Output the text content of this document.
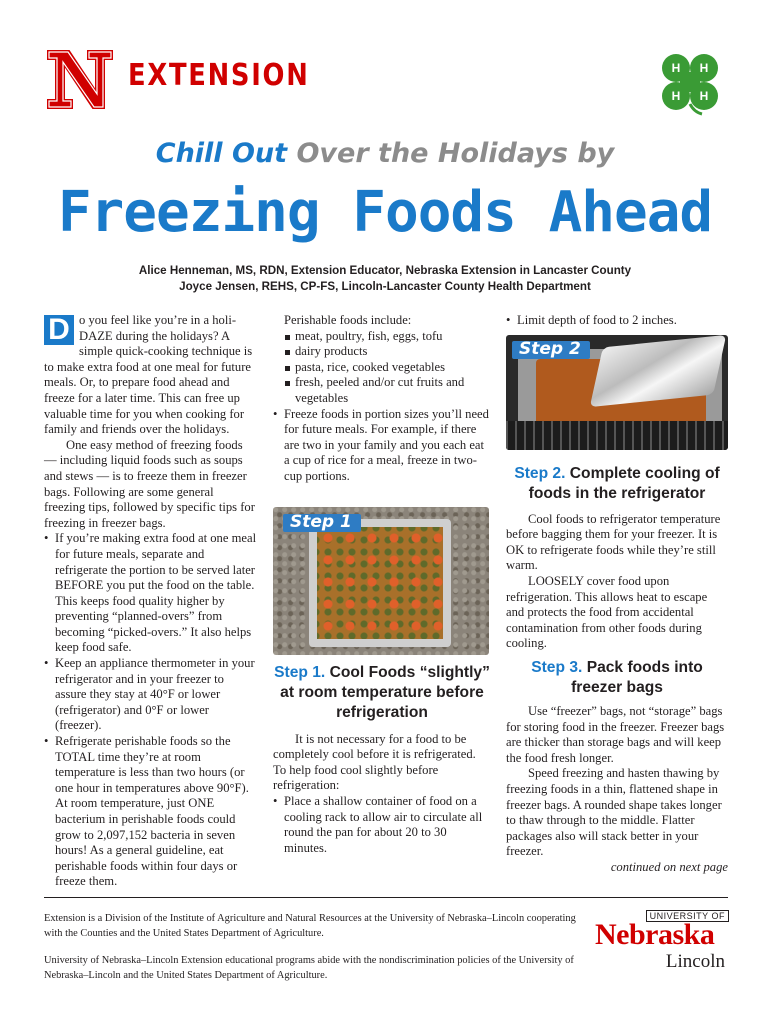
EXTENSION	H H
H H
Chill Out Over the Holidays by
Freezing Foods Ahead
Alice Henneman, MS, RDN, Extension Educator, Nebraska Extension in Lancaster County
Joyce Jensen, REHS, CP-FS, Lincoln-Lancaster County Health Department

D o you feel like you’re in a holi-DAZE during the holidays? A simple quick-cooking technique is to make extra food at one meal for future meals. Or, to prepare food ahead and freeze for a later time. This can free up valuable time for you when cooking for family and friends over the holidays.

One easy method of freezing foods — including liquid foods such as soups and stews — is to freeze them in freezer bags. Following are some general freezing tips, followed by specific tips for freezing in freezer bags.

• If you’re making extra food at one meal for future meals, separate and refrigerate the portion to be served later BEFORE you put the food on the table. This keeps food quality higher by preventing “planned-overs” from becoming “picked-overs.” It also helps keep food safe.
• Keep an appliance thermometer in your refrigerator and in your freezer to assure they stay at 40°F or lower (refrigerator) and 0°F or lower (freezer).
• Refrigerate perishable foods so the TOTAL time they’re at room temperature is less than two hours (or one hour in temperatures above 90°F). At room temperature, just ONE bacterium in perishable foods could grow to 2,097,152 bacteria in seven hours! As a general guideline, eat perishable foods within four days or freeze them.

Perishable foods include:

meat, poultry, fish, eggs, tofu
dairy products
pasta, rice, cooked vegetables
fresh, peeled and/or cut fruits and vegetables
• Freeze foods in portion sizes you’ll need for future meals. For example, if there are two in your family and you each eat a cup of rice for a meal, freeze in two-cup portions.
Step 1
Step 1. Cool Foods “slightly” at room temperature before refrigeration

It is not necessary for a food to be completely cool before it is refrigerated. To help food cool slightly before refrigeration:

• Place a shallow container of food on a cooling rack to allow air to circulate all round the pan for about 20 to 30 minutes.
• Limit depth of food to 2 inches.
Step 2
Step 2. Complete cooling of foods in the refrigerator

Cool foods to refrigerator temperature before bagging them for your freezer. It is OK to refrigerate foods while they’re still warm.

LOOSELY cover food upon refrigeration. This allows heat to escape and protects the food from accidental contamination from other foods during cooling.

Step 3. Pack foods into freezer bags

Use “freezer” bags, not “storage” bags for storing food in the freezer. Freezer bags are thicker than storage bags and will keep the food fresh longer.

Speed freezing and hasten thawing by freezing foods in a thin, flattened shape in freezer bags. A rounded shape takes longer to thaw through to the middle. Flatter packages also will stack better in your freezer.

continued on next page

Extension is a Division of the Institute of Agriculture and Natural Resources at the University of Nebraska–Lincoln cooperating with the Counties and the United States Department of Agriculture.

University of Nebraska–Lincoln Extension educational programs abide with the nondiscrimination policies of the University of Nebraska–Lincoln and the United States Department of Agriculture.

UNIVERSITY OF
Nebraska
Lincoln
